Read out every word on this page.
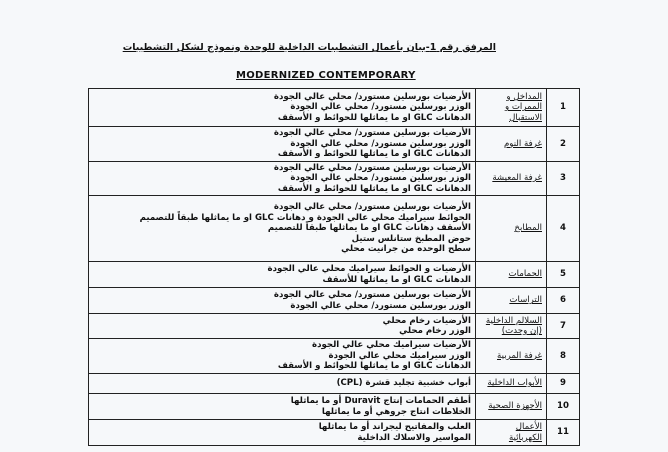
المرفق رقم 1-بيان بأعمال التشطيبات الداخلية للوحدة ونموذج لشكل التشطيبات
MODERNIZED CONTEMPORARY
1	المداخل و الممرات و الاستقبال	الأرضيات بورسلين مستورد/ محلي عالي الجودة
الوزر بورسلين مستورد/ محلي عالي الجودة
الدهانات GLC او ما يماثلها للحوائط و الأسقف

2	غرفة النوم	الأرضيات بورسلين مستورد/ محلي عالي الجودة
الوزر بورسلين مستورد/ محلي عالي الجودة
الدهانات GLC او ما يماثلها للحوائط و الأسقف

3	غرفة المعيشة	الأرضيات بورسلين مستورد/ محلي عالي الجودة
الوزر بورسلين مستورد/ محلي عالي الجودة
الدهانات GLC او ما يماثلها للحوائط و الأسقف

4	المطابخ	الأرضيات بورسلين مستورد/ محلي عالي الجودة
الحوائط سيراميك محلي عالي الجودة و دهانات GLC او ما يماثلها طبقاً للتصميم
الأسقف دهانات GLC او ما يماثلها طبقاً للتصميم
حوض المطبخ ستانلس ستيل
سطح الوحده من جرانيت محلي

5	الحمامات	الأرضيات و الحوائط سيراميك محلي عالي الجودة
الدهانات GLC او ما يماثلها للأسقف

6	التراسات	الأرضيات بورسلين مستورد/ محلي عالي الجودة
الوزر بورسلين مستورد/ محلي عالي الجودة

7	السلالم الداخلية (إن وجدت)	الأرضيات رخام محلي
الوزر رخام محلي

8	غرفة المربية	الأرضيات سيراميك محلي عالي الجودة
الوزر سيراميك محلي عالي الجودة
الدهانات GLC او ما يماثلها للحوائط و الأسقف

9	الأبواب الداخلية	أبواب خشبية تجليد قشرة (CPL)

10	الأجهزة الصحية	أطقم الحمامات إنتاج Duravit أو ما يماثلها
الخلاطات انتاج جروهي أو ما يماثلها

11	الأعمال الكهربائية	العلب والمفاتيح ليجراند أو ما يماثلها
المواسير والاسلاك الداخلية
